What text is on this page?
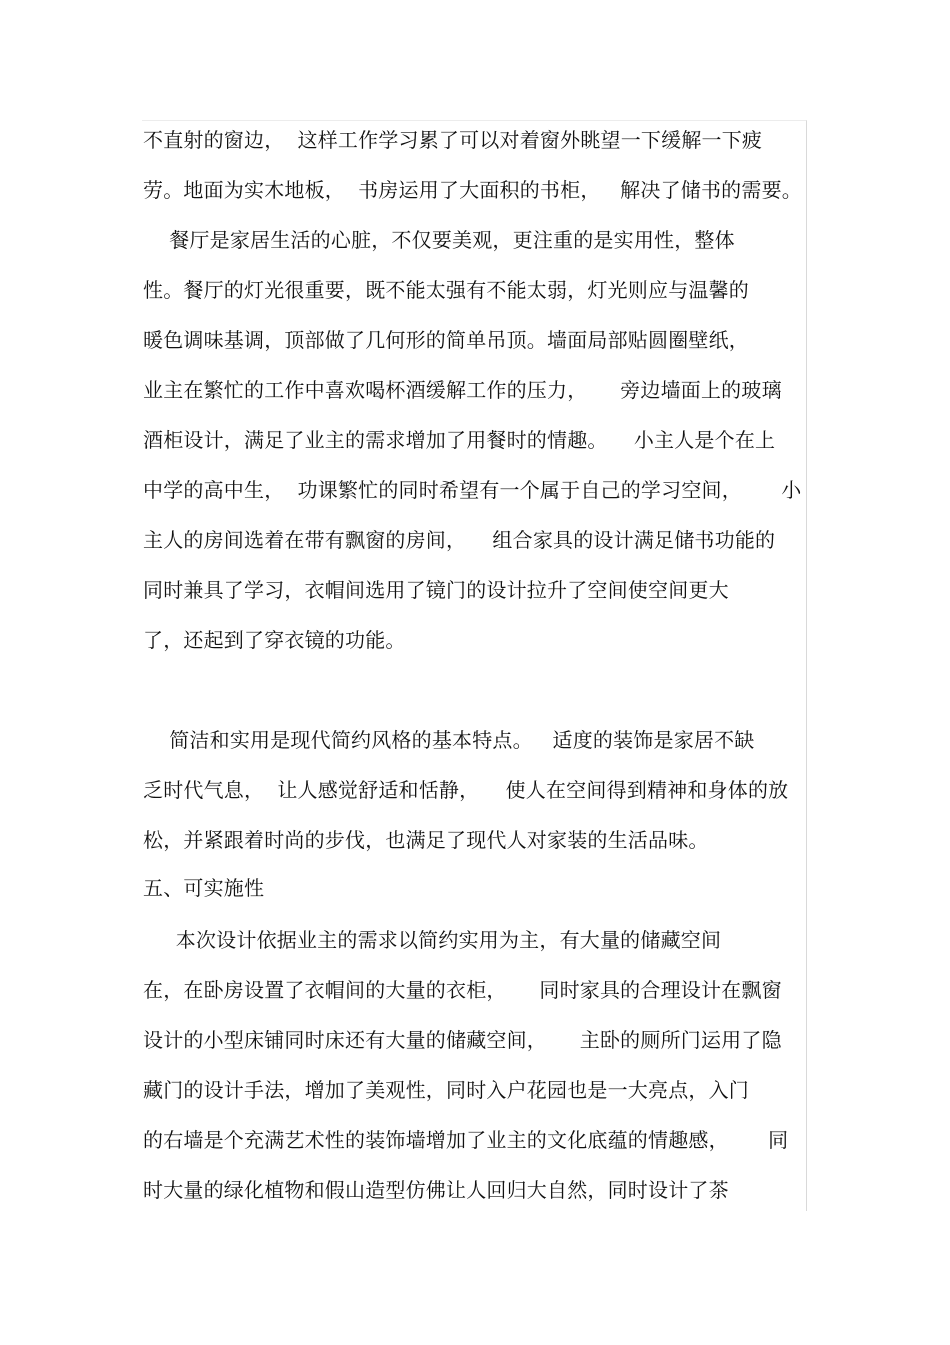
不直射的窗边，  这样工作学习累了可以对着窗外眺望一下缓解一下疲
劳。地面为实木地板，  书房运用了大面积的书柜，   解决了储书的需要。
餐厅是家居生活的心脏，不仅要美观，更注重的是实用性，整体
性。餐厅的灯光很重要，既不能太强有不能太弱，灯光则应与温馨的
暖色调味基调，顶部做了几何形的简单吊顶。墙面局部贴圆圈壁纸，
业主在繁忙的工作中喜欢喝杯酒缓解工作的压力，     旁边墙面上的玻璃
酒柜设计，满足了业主的需求增加了用餐时的情趣。    小主人是个在上
中学的高中生，  功课繁忙的同时希望有一个属于自己的学习空间，      小
主人的房间选着在带有飘窗的房间，    组合家具的设计满足储书功能的
同时兼具了学习，衣帽间选用了镜门的设计拉升了空间使空间更大
了，还起到了穿衣镜的功能。
简洁和实用是现代简约风格的基本特点。   适度的装饰是家居不缺
乏时代气息，  让人感觉舒适和恬静，    使人在空间得到精神和身体的放
松，并紧跟着时尚的步伐，也满足了现代人对家装的生活品味。
五、可实施性
本次设计依据业主的需求以简约实用为主，有大量的储藏空间
在，在卧房设置了衣帽间的大量的衣柜，     同时家具的合理设计在飘窗
设计的小型床铺同时床还有大量的储藏空间，     主卧的厕所门运用了隐
藏门的设计手法，增加了美观性，同时入户花园也是一大亮点，入门
的右墙是个充满艺术性的装饰墙增加了业主的文化底蕴的情趣感，      同
时大量的绿化植物和假山造型仿佛让人回归大自然，同时设计了茶
